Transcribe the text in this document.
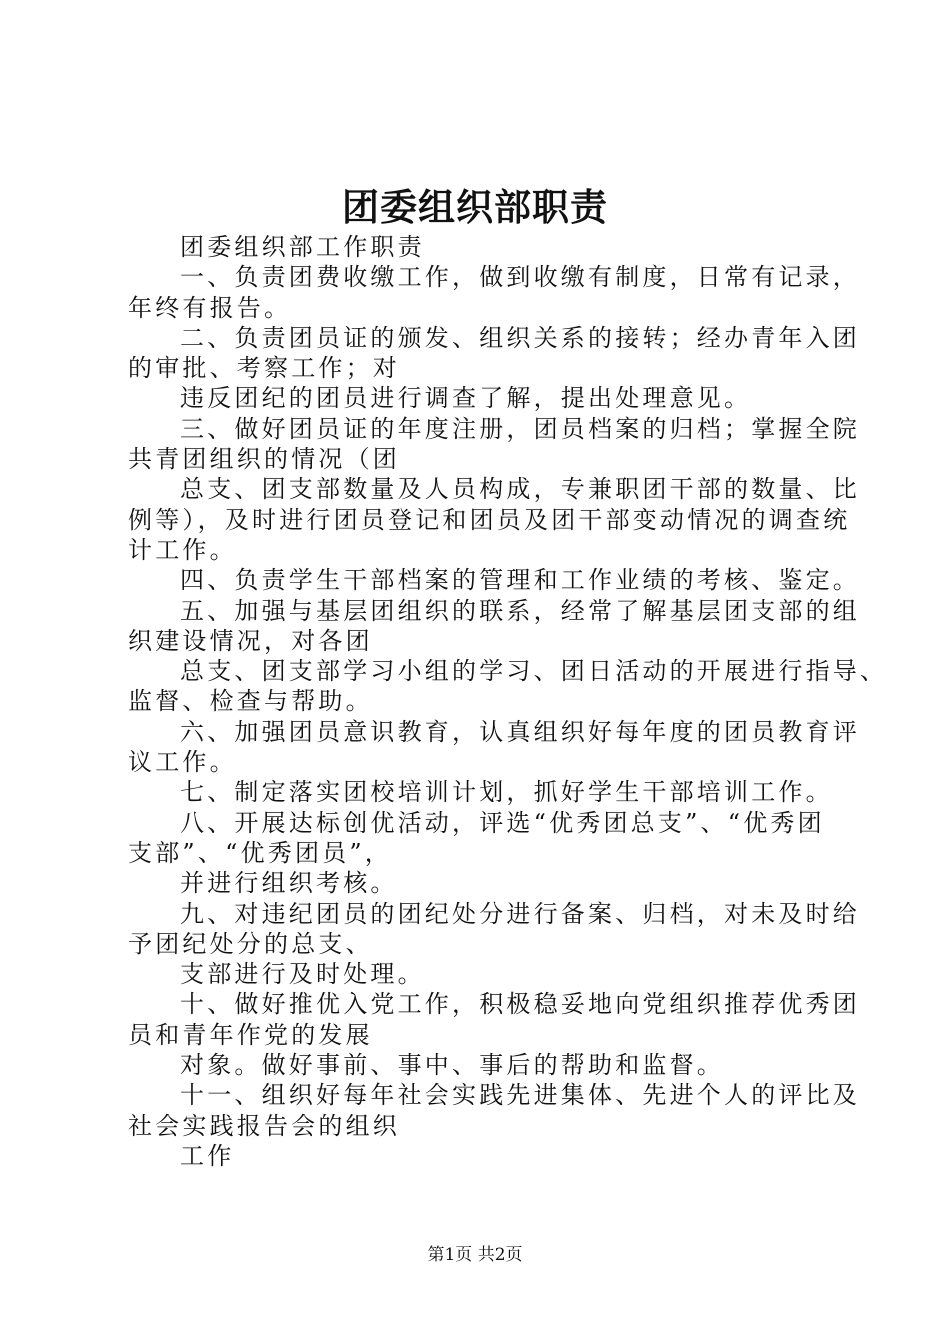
团委组织部职责
团委组织部工作职责
一、负责团费收缴工作，做到收缴有制度，日常有记录，
年终有报告。
二、负责团员证的颁发、组织关系的接转；经办青年入团
的审批、考察工作；对
违反团纪的团员进行调查了解，提出处理意见。
三、做好团员证的年度注册，团员档案的归档；掌握全院
共青团组织的情况（团
总支、团支部数量及人员构成，专兼职团干部的数量、比
例等），及时进行团员登记和团员及团干部变动情况的调查统
计工作。
四、负责学生干部档案的管理和工作业绩的考核、鉴定。
五、加强与基层团组织的联系，经常了解基层团支部的组
织建设情况，对各团
总支、团支部学习小组的学习、团日活动的开展进行指导、
监督、检查与帮助。
六、加强团员意识教育，认真组织好每年度的团员教育评
议工作。
七、制定落实团校培训计划，抓好学生干部培训工作。
八、开展达标创优活动，评选“优秀团总支”、“优秀团
支部”、“优秀团员”，
并进行组织考核。
九、对违纪团员的团纪处分进行备案、归档，对未及时给
予团纪处分的总支、
支部进行及时处理。
十、做好推优入党工作，积极稳妥地向党组织推荐优秀团
员和青年作党的发展
对象。做好事前、事中、事后的帮助和监督。
十一、组织好每年社会实践先进集体、先进个人的评比及
社会实践报告会的组织
工作
第1页 共2页
